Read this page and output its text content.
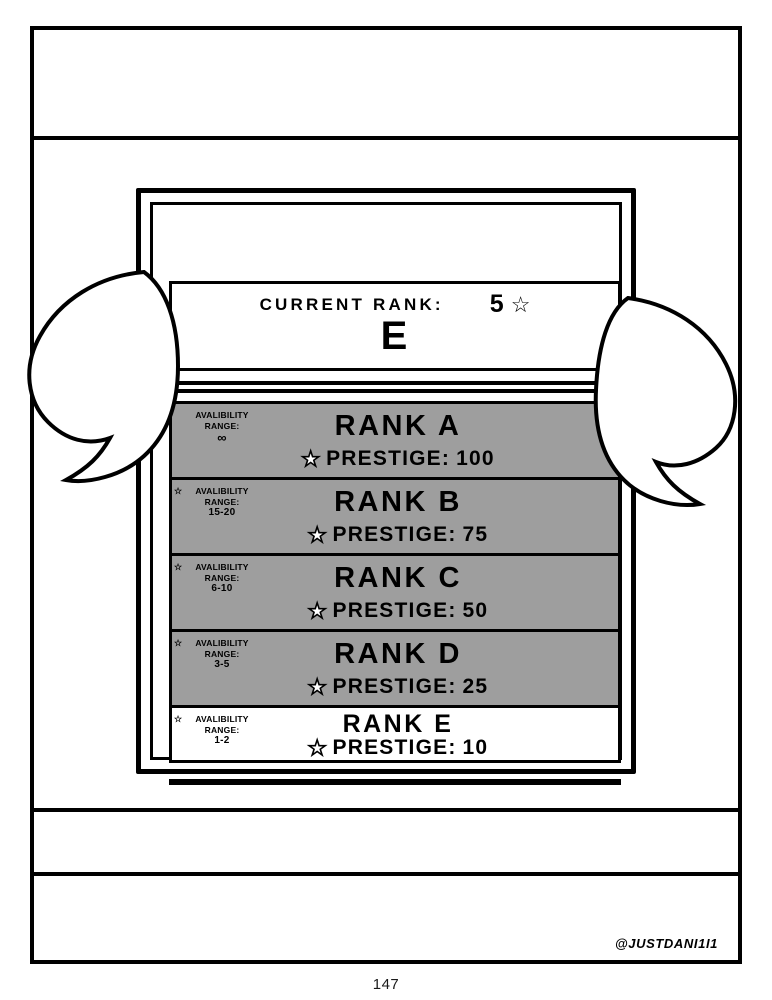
CURRENT RANK: 5 ☆
E
AVALIBILITY
RANGE:
∞	RANK A
★ PRESTIGE: 100
☆ AVALIBILITY
RANGE:
15-20	RANK B
★ PRESTIGE: 75
☆ AVALIBILITY
RANGE:
6-10	RANK C
★ PRESTIGE: 50
☆ AVALIBILITY
RANGE:
3-5	RANK D
★ PRESTIGE: 25
☆ AVALIBILITY
RANGE:
1-2
RANK E
★ PRESTIGE: 10
@JUSTDANI1I1
147
